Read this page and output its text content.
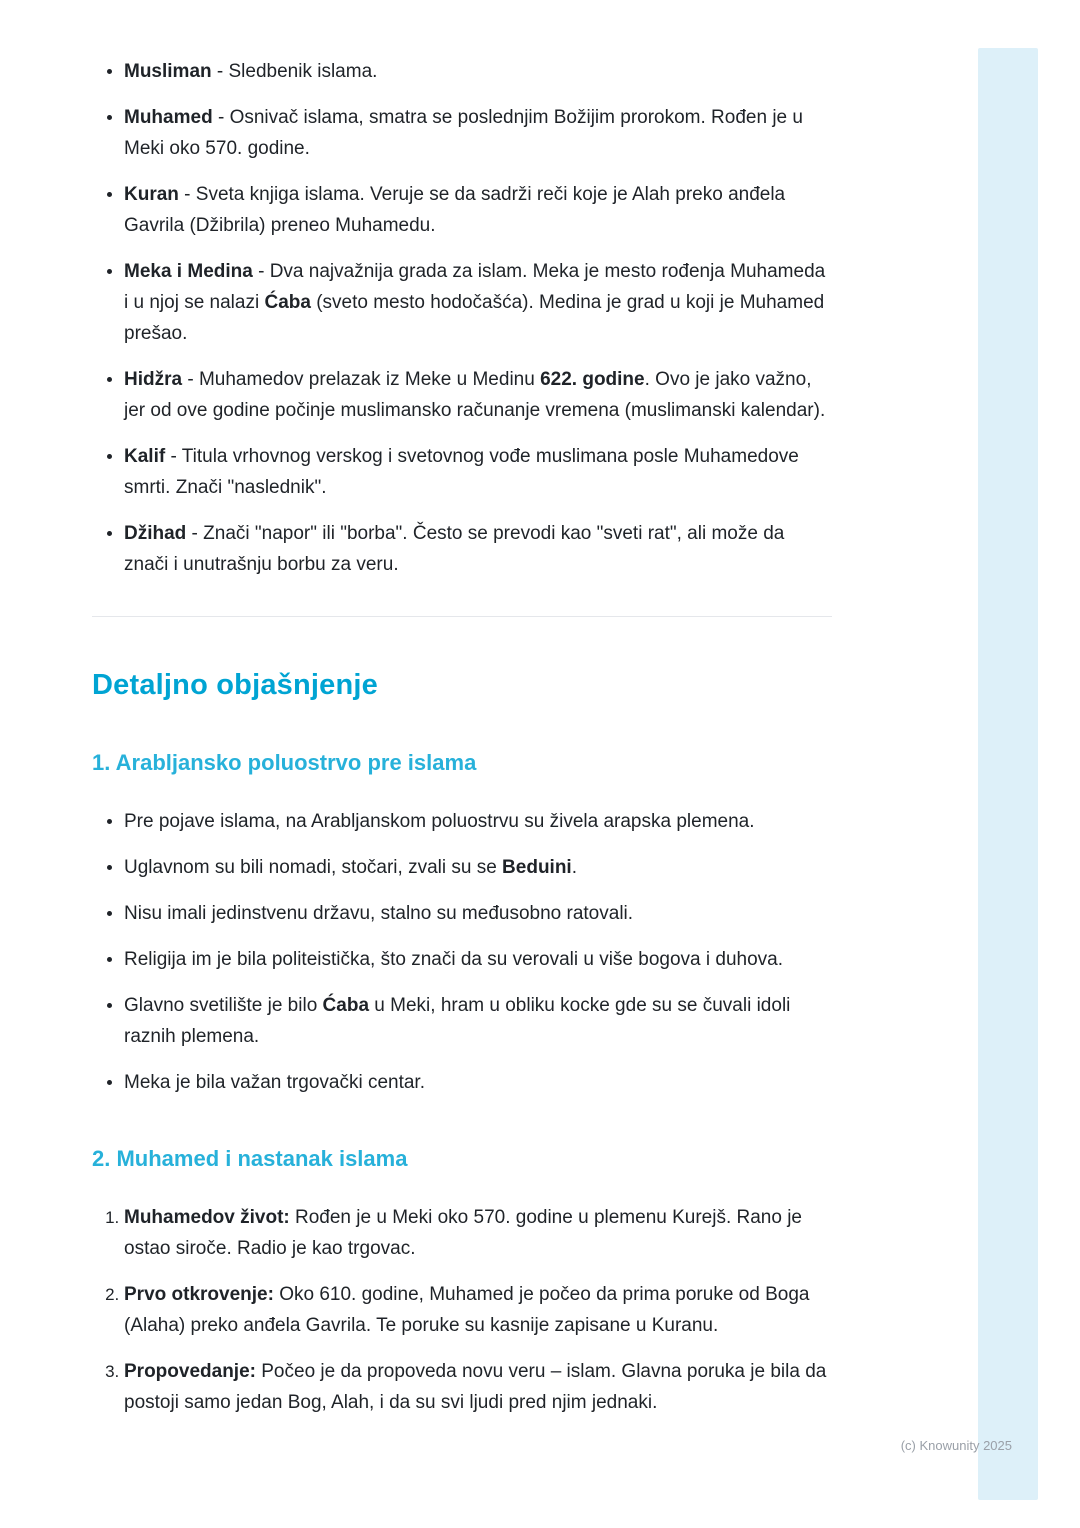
• Musliman - Sledbenik islama.
• Muhamed - Osnivač islama, smatra se poslednjim Božijim prorokom. Rođen je u Meki oko 570. godine.
• Kuran - Sveta knjiga islama. Veruje se da sadrži reči koje je Alah preko anđela Gavrila (Džibrila) preneo Muhamedu.
• Meka i Medina - Dva najvažnija grada za islam. Meka je mesto rođenja Muhameda i u njoj se nalazi Ćaba (sveto mesto hodočašća). Medina je grad u koji je Muhamed prešao.
• Hidžra - Muhamedov prelazak iz Meke u Medinu 622. godine. Ovo je jako važno, jer od ove godine počinje muslimansko računanje vremena (muslimanski kalendar).
• Kalif - Titula vrhovnog verskog i svetovnog vođe muslimana posle Muhamedove smrti. Znači "naslednik".
• Džihad - Znači "napor" ili "borba". Često se prevodi kao "sveti rat", ali može da znači i unutrašnju borbu za veru.
Detaljno objašnjenje
1. Arabljansko poluostrvo pre islama
• Pre pojave islama, na Arabljanskom poluostrvu su živela arapska plemena.
• Uglavnom su bili nomadi, stočari, zvali su se Beduini.
• Nisu imali jedinstvenu državu, stalno su međusobno ratovali.
• Religija im je bila politeistička, što znači da su verovali u više bogova i duhova.
• Glavno svetilište je bilo Ćaba u Meki, hram u obliku kocke gde su se čuvali idoli raznih plemena.
• Meka je bila važan trgovački centar.
2. Muhamed i nastanak islama
1. Muhamedov život: Rođen je u Meki oko 570. godine u plemenu Kurejš. Rano je ostao siroče. Radio je kao trgovac.
2. Prvo otkrovenje: Oko 610. godine, Muhamed je počeo da prima poruke od Boga (Alaha) preko anđela Gavrila. Te poruke su kasnije zapisane u Kuranu.
3. Propovedanje: Počeo je da propoveda novu veru – islam. Glavna poruka je bila da postoji samo jedan Bog, Alah, i da su svi ljudi pred njim jednaki.
(c) Knowunity 2025
